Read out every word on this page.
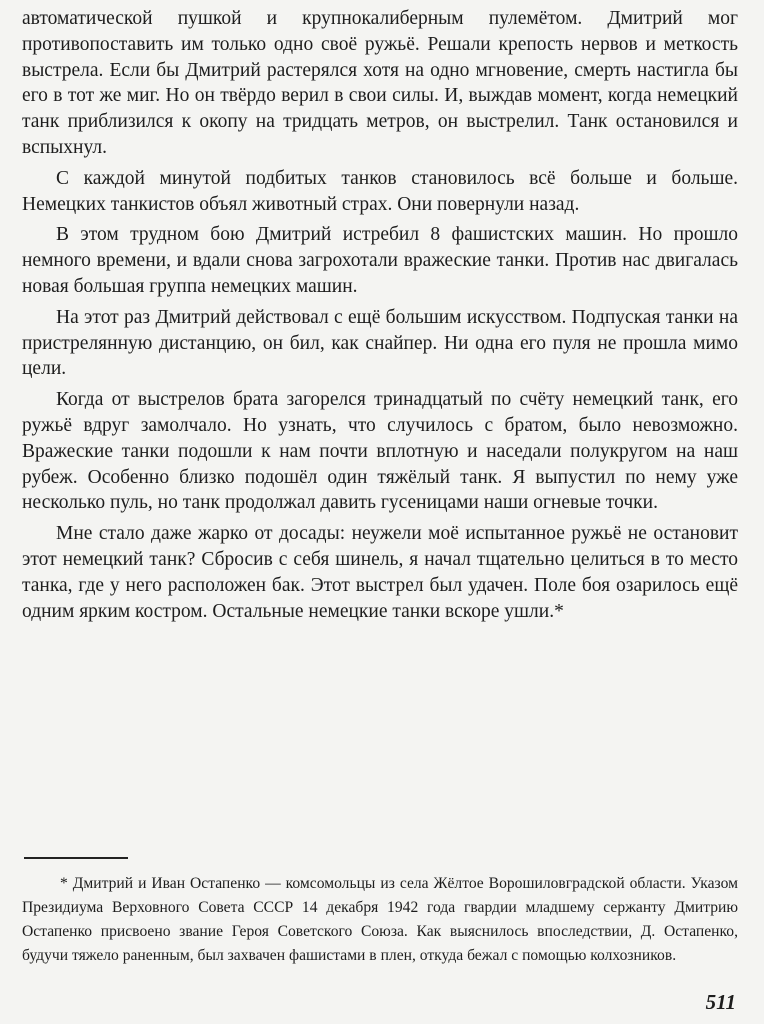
автоматической пушкой и крупнокалиберным пулемётом. Дмитрий мог противопоставить им только одно своё ружьё. Решали крепость нервов и меткость выстрела. Если бы Дмитрий растерялся хотя на одно мгновение, смерть настигла бы его в тот же миг. Но он твёрдо верил в свои силы. И, выждав момент, когда немецкий танк приблизился к окопу на тридцать метров, он выстрелил. Танк остановился и вспыхнул.

С каждой минутой подбитых танков становилось всё больше и больше. Немецких танкистов объял животный страх. Они повернули назад.

В этом трудном бою Дмитрий истребил 8 фашистских машин. Но прошло немного времени, и вдали снова загрохотали вражеские танки. Против нас двигалась новая большая группа немецких машин.

На этот раз Дмитрий действовал с ещё большим искусством. Подпуская танки на пристрелянную дистанцию, он бил, как снайпер. Ни одна его пуля не прошла мимо цели.

Когда от выстрелов брата загорелся тринадцатый по счёту немецкий танк, его ружьё вдруг замолчало. Но узнать, что случилось с братом, было невозможно. Вражеские танки подошли к нам почти вплотную и наседали полукругом на наш рубеж. Особенно близко подошёл один тяжёлый танк. Я выпустил по нему уже несколько пуль, но танк продолжал давить гусеницами наши огневые точки.

Мне стало даже жарко от досады: неужели моё испытанное ружьё не остановит этот немецкий танк? Сбросив с себя шинель, я начал тщательно целиться в то место танка, где у него расположен бак. Этот выстрел был удачен. Поле боя озарилось ещё одним ярким костром. Остальные немецкие танки вскоре ушли.*

* Дмитрий и Иван Остапенко — комсомольцы из села Жёлтое Ворошиловградской области. Указом Президиума Верховного Совета СССР 14 декабря 1942 года гвардии младшему сержанту Дмитрию Остапенко присвоено звание Героя Советского Союза. Как выяснилось впоследствии, Д. Остапенко, будучи тяжело раненным, был захвачен фашистами в плен, откуда бежал с помощью колхозников.

511
